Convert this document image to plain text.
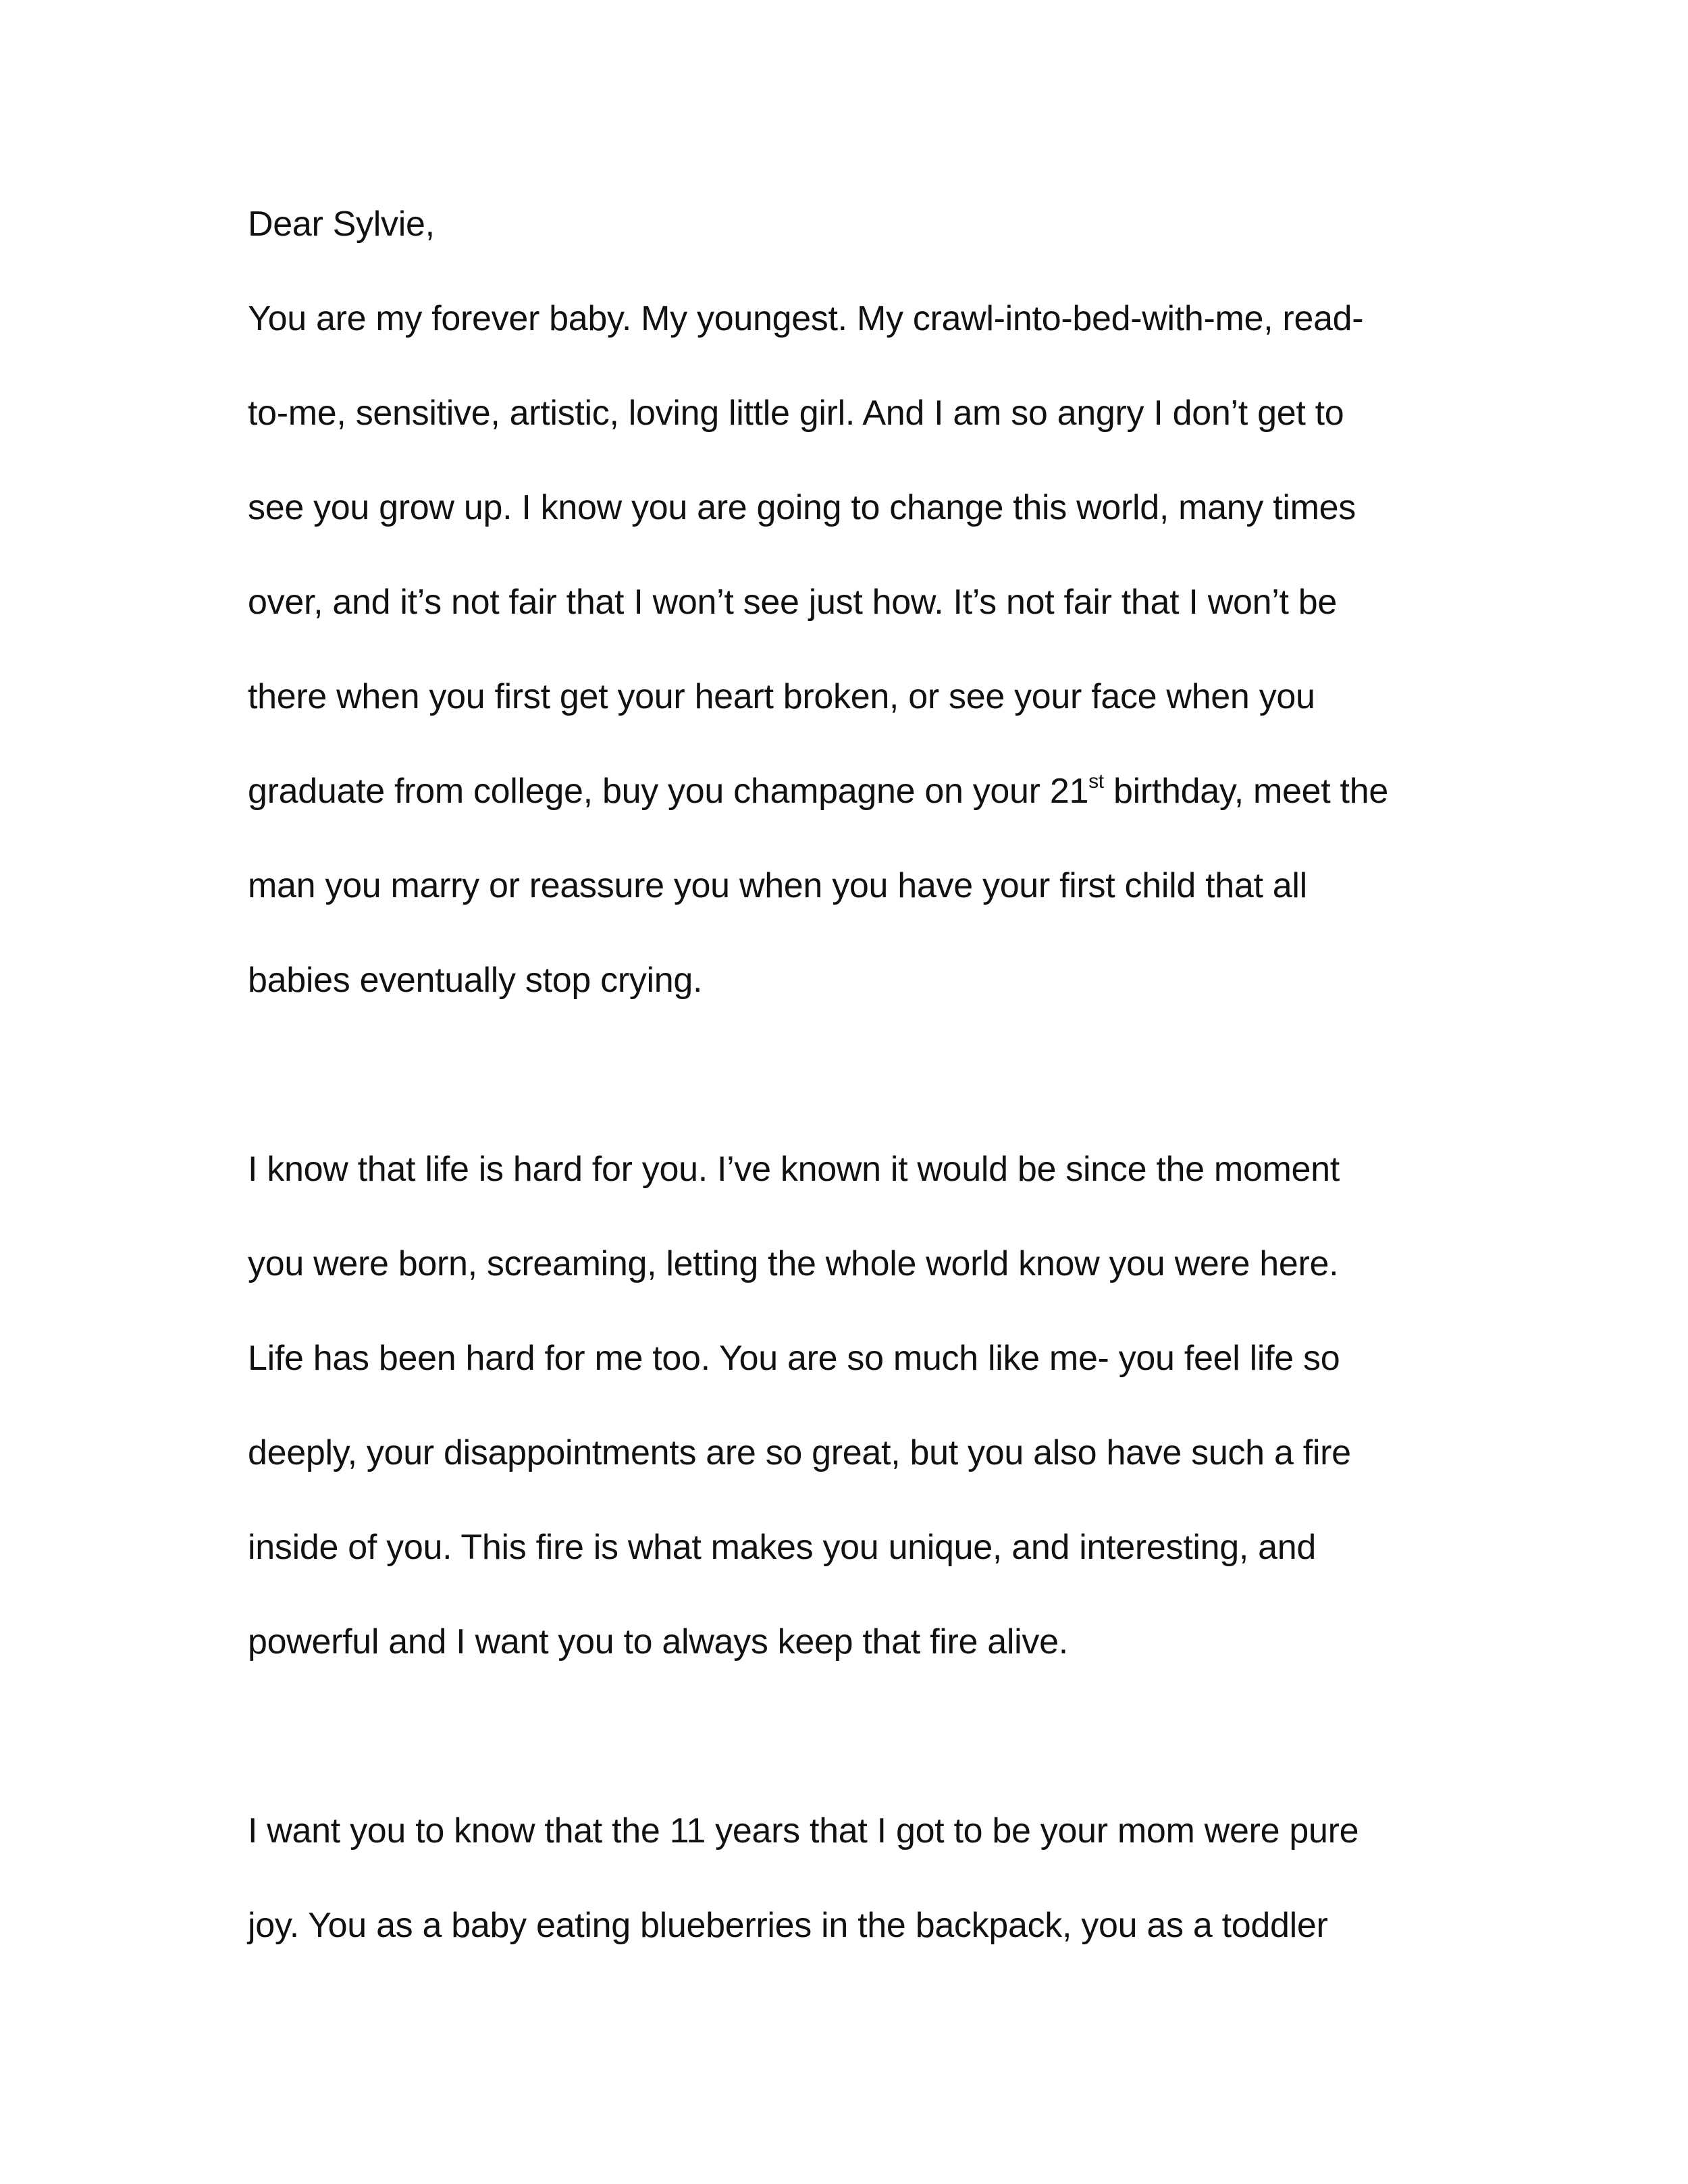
Dear Sylvie,
You are my forever baby. My youngest. My crawl-into-bed-with-me, read-
to-me, sensitive, artistic, loving little girl. And I am so angry I don’t get to
see you grow up. I know you are going to change this world, many times
over, and it’s not fair that I won’t see just how. It’s not fair that I won’t be
there when you first get your heart broken, or see your face when you
graduate from college, buy you champagne on your 21st birthday, meet the
man you marry or reassure you when you have your first child that all
babies eventually stop crying.
I know that life is hard for you. I’ve known it would be since the moment
you were born, screaming, letting the whole world know you were here.
Life has been hard for me too. You are so much like me- you feel life so
deeply, your disappointments are so great, but you also have such a fire
inside of you. This fire is what makes you unique, and interesting, and
powerful and I want you to always keep that fire alive.
I want you to know that the 11 years that I got to be your mom were pure
joy. You as a baby eating blueberries in the backpack, you as a toddler
